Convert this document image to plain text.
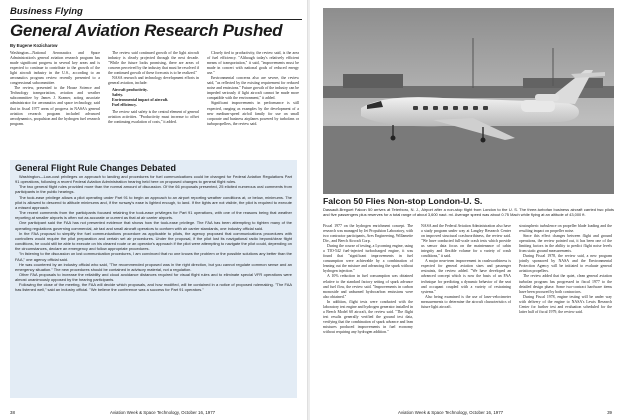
Business Flying
General Aviation Research Pushed
By Eugene Kozicharow

Washington—National Aeronautics and Space Administration's general aviation research program has made significant progress in several key areas and is expected to continue to contribute to the growth of the light aircraft industry in the U.S., according to an aeronautics program review recently presented to a congressional subcommittee.

The review, presented to the House Science and Technology transportation, aviation and weather subcommittee by James J. Kramer, acting associate administrator for aeronautics and space technology, said that in fiscal 1977 areas of progress in NASA's general aviation research program included advanced aerodynamics, propulsion and the hydrogen fuel research program.

The review said continued growth of the light aircraft industry is clearly projected through the next decade. "While the future looks promising, there are areas of concern perceived by the industry that must be resolved if the continued growth of these forecasts is to be realized."

NASA research and technology development efforts in general aviation, include:

Aircraft productivity.

Safety.

Environmental impact of aircraft.

Fuel efficiency.

The review said safety is the central element of general aviation activities. "Productivity must increase to offset the continuing escalation of costs," it added.

Closely tied to productivity, the review said, is the area of fuel efficiency. "Although today's relatively efficient means of transportation," it said, "improvements must be made in concert with national goals of reduced energy use."

Environmental concerns also are severe, the review said, "as reflected by the existing requirement for reduced noise and emissions." Future growth of the industry can be impeded seriously if light aircraft cannot be made more compatible with the environment," it added.

Significant improvements in performance is still expected, ranging as examples by the development of a new medium-speed airfoil family for use on small corporate and business airplanes powered by turbofans or turbopropellers, the review said.

General Flight Rule Changes Debated

Washington—Low-cost privileges on approach to landing and procedures for fuel communications could be changed for Federal Aviation Regulations Part 91 operations, following a recent Federal Aviation Administration hearing held here on proposed changes to general flight rules.

The two general flight rules provided more than the normal amount of discussion. Of the 66 proposals presented, 25 elicited numerous oral comments from participants in the public hearings.

The took-ease privilege allows a pilot operating under Part 91 to begin an approach to an airport reporting weather conditions at, or below, minimums. The pilot is allowed to descend to altitude minimums and, if the runway's ease is lighted enough, to land. If the lights are not visible, the pilot is required to execute a missed approach.

The recent comments from the participants focused retaining the took-ease privileges for Part 91 operations, with one of the reasons being that weather reporting at smaller airports is often not as accurate or current as that at air carrier airports.

One participant said the FAA has not presented evidence that shows how the took-ease privilege. The FAA has been attempting to tighten many of the operating regulations governing commercial, air taxi and small aircraft operators to conform with air carrier standards, one industry official said.

In the FAA proposal to simplify the fuel communications procedure as applicable to pilots, the agency proposed that communications procedures with controllers would require the pilot preparation and certain set air procedures. Under the proposal, if the pilot lost its navigational radio beyond/clear flight conditions, he could still be able to execute on his cleared route or an operator's approach if the pilot were attempting to navigate the pilot could, depending on the circumstances, declare an emergency and follow appropriate procedures.

"In listening to the discussion on lost communication procedures, I am convinced that no one knows the problem or the possible solutions any better than the FAA," one agency official said.

He was countered by an industry official who said, "The recommended proposed was in the right direction, but you cannot regulate common sense and an emergency situation." The new procedures should be contained in advisory material, not a regulation.

Other FAA proposals to increase the reliability and cloud avoidance distances required for visual flight rules and to eliminate special VFR operations were almost unanimously opposed by the hearing participants.

Following the close of the meeting, the FAA will decide which proposals, and how modified, will be contained in a notice of proposed rulemaking. "The FAA has listened well," said an industry official. "We believe the conference was a success for Part 91 operators."

38	Aviation Week & Space Technology, October 16, 1977
Falcon 50 Flies Non-stop London-U. S.
Dassault-Breguet Falcon 50 arrives at Teterboro, N. J., Airport after a non-stop flight from London to the U. S. The three-turbofan business aircraft carried two pilots and five passengers plus reserves for a total range of about 3,600 naut. mi. Average speed was about 0.75 Mach while flying at an altitude of 43,000 ft.

Fiscal 1977 on the hydrogen enrichment concept. The research was managed by Jet Propulsion Laboratory, with two contractor participants, Ares Engineering, Willamette Div., and Beech Aircraft Corp.

During the course of testing, a Lycoming engine, using a TIO-542 fuel-injected turbocharged engine, it was found that "significant improvements in fuel consumption were achievable by a combination of leaning out the mixture and advancing the spark without hydrogen injection."

A 10% reduction in fuel consumption was obtained relative to the standard factory setting of spark advance and fuel flow, the review said. "Improvements in carbon monoxide and unburned hydrocarbon emissions were also obtained."

In addition, flight tests were conducted with the laboratory test engine and hydrogen generator installed in a Beech Model 60 aircraft, the review said. "The flight test results generally verified the ground test data, verifying that the combination of spark advance and lean mixtures produced improvements in fuel economy without requiring any hydrogen addition."

NASA and the Federal Aviation Administration also have a study program under way at Langley Research Center on improved structural crashworthiness, the review said. "We have conducted full-scale crash tests which provide us sensor data focus on the maintenance of cabin integrity and flexible volume for a variety of crash conditions," it said.

A major near-term improvement in crashworthiness is expected for general aviation sizes and passenger restraints, the review added. "We have developed an advanced concept which is now the basis of an FAA technique for predicting a dynamic behavior of the seat and occupant coupled with a variety of restraining systems."

Also being examined is the use of laser-velocimeter measurements to determine the aircraft characteristics of future light aircraft.

stratospheric turbulence on propeller blade loading and the resulting impact on propeller noise.

Since this effect changes between flight and ground operations, the review pointed out, it has been one of the limiting factors in the ability to predict flight noise levels from static ground measurements.

During Fiscal 1978, the review said, a new program jointly sponsored by NASA and the Environmental Protection Agency will be initiated to evaluate general aviation propellers.

The review added that the quiet, clean general aviation turbofan program has progressed in fiscal 1977 to the detailed design phase. Some two-contract hardware items have been procured by both contractors.

During Fiscal 1978, engine testing will be under way with delivery of the engine to NASA's Lewis Research Center for further test and evaluation scheduled for the latter half of fiscal 1979, the review said.

Aviation Week & Space Technology, October 16, 1977	39
